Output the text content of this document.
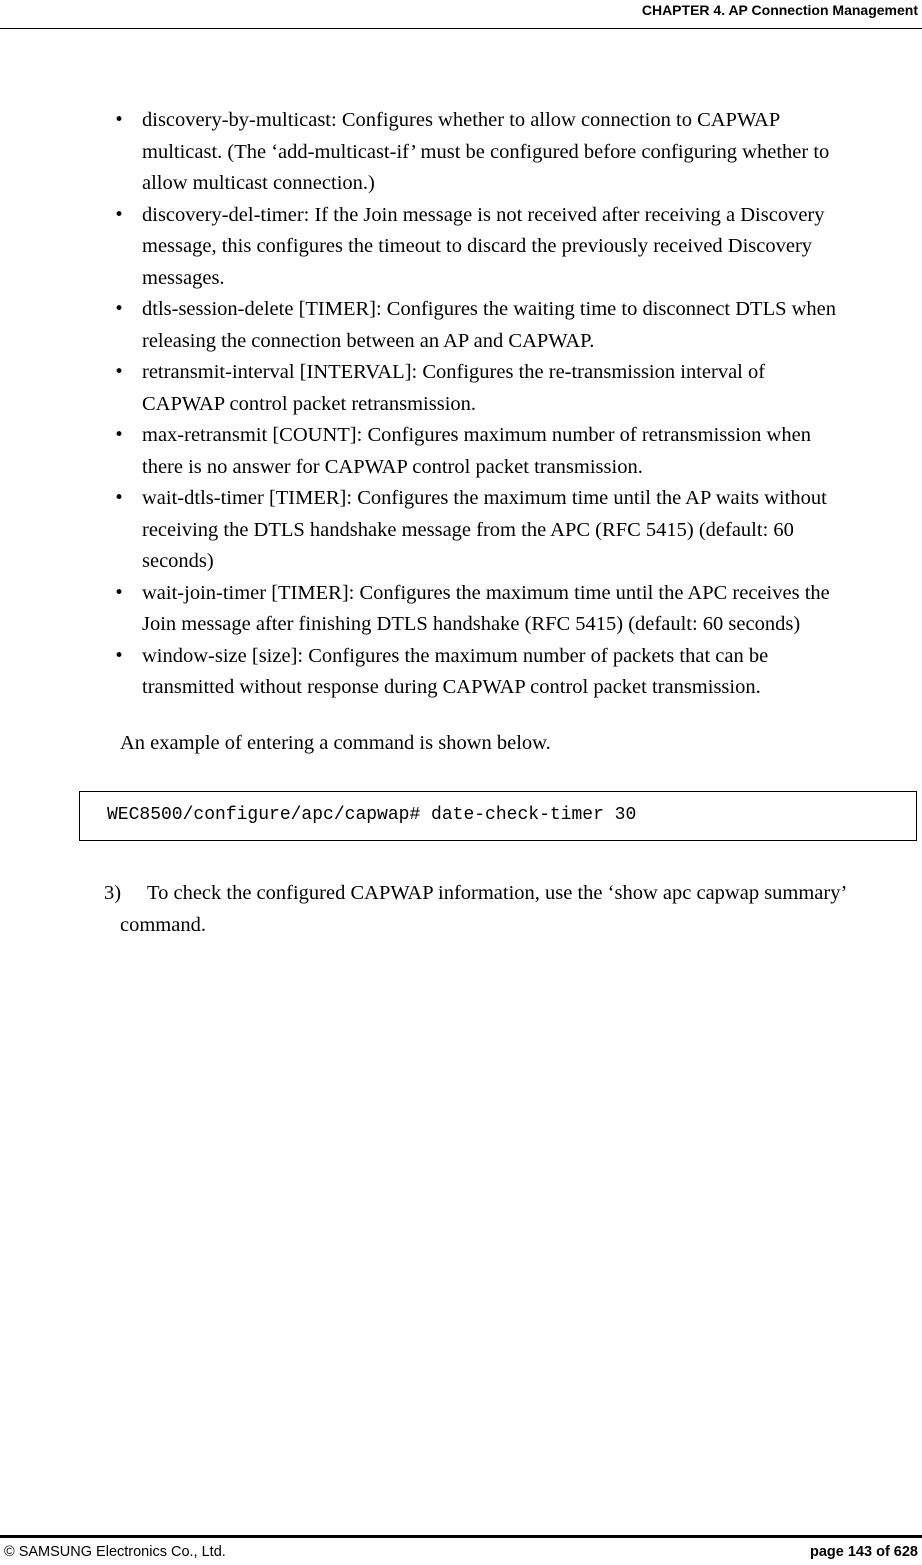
CHAPTER 4. AP Connection Management
• discovery-by-multicast: Configures whether to allow connection to CAPWAP
multicast. (The ‘add-multicast-if’ must be configured before configuring whether to
allow multicast connection.)
• discovery-del-timer: If the Join message is not received after receiving a Discovery
message, this configures the timeout to discard the previously received Discovery
messages.
• dtls-session-delete [TIMER]: Configures the waiting time to disconnect DTLS when
releasing the connection between an AP and CAPWAP.
• retransmit-interval [INTERVAL]: Configures the re-transmission interval of
CAPWAP control packet retransmission.
• max-retransmit [COUNT]: Configures maximum number of retransmission when
there is no answer for CAPWAP control packet transmission.
• wait-dtls-timer [TIMER]: Configures the maximum time until the AP waits without
receiving the DTLS handshake message from the APC (RFC 5415) (default: 60
seconds)
• wait-join-timer [TIMER]: Configures the maximum time until the APC receives the
Join message after finishing DTLS handshake (RFC 5415) (default: 60 seconds)
• window-size [size]: Configures the maximum number of packets that can be
transmitted without response during CAPWAP control packet transmission.
An example of entering a command is shown below.
WEC8500/configure/apc/capwap# date-check-timer 30
3)	To check the configured CAPWAP information, use the ‘show apc capwap summary’
command.
© SAMSUNG Electronics Co., Ltd.	page 143 of 628
